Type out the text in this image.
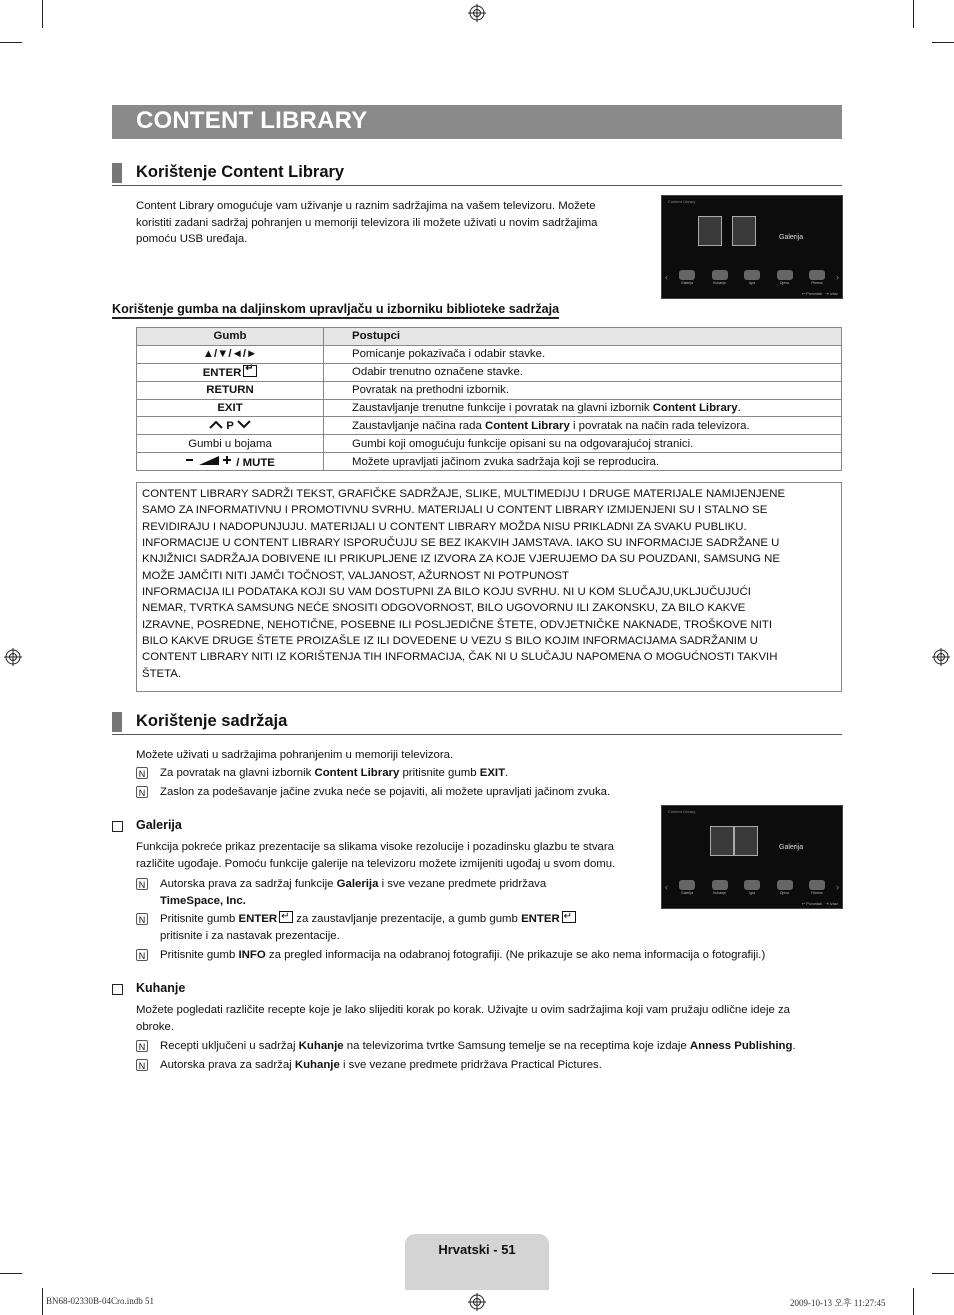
CONTENT LIBRARY
Korištenje Content Library
Content Library omogućuje vam uživanje u raznim sadržajima na vašem televizoru. Možete
koristiti zadani sadržaj pohranjen u memoriji televizora ili možete uživati u novim sadržajima
pomoću USB uređaja.
Content Library
Galerija
‹	›
Galerija	Kuhanje	Igra	Djeca	Fitness
↩ Povratak   ⇥ Izlaz
Korištenje gumba na daljinskom upravljaču u izborniku biblioteke sadržaja
Gumb	Postupci
▲/▼/◄/►	Pomicanje pokazivača i odabir stavke.
ENTER↵	Odabir trenutno označene stavke.
RETURN	Povratak na prethodni izbornik.
EXIT	Zaustavljanje trenutne funkcije i povratak na glavni izbornik Content Library.
P	Zaustavljanje načina rada Content Library i povratak na način rada televizora.
Gumbi u bojama	Gumbi koji omogućuju funkcije opisani su na odgovarajućoj stranici.
/ MUTE	Možete upravljati jačinom zvuka sadržaja koji se reproducira.
CONTENT LIBRARY SADRŽI TEKST, GRAFIČKE SADRŽAJE, SLIKE, MULTIMEDIJU I DRUGE MATERIJALE NAMIJENJENE
SAMO ZA INFORMATIVNU I PROMOTIVNU SVRHU. MATERIJALI U CONTENT LIBRARY IZMIJENJENI SU I STALNO SE
REVIDIRAJU I NADOPUNJUJU. MATERIJALI U CONTENT LIBRARY MOŽDA NISU PRIKLADNI ZA SVAKU PUBLIKU.
INFORMACIJE U CONTENT LIBRARY ISPORUČUJU SE BEZ IKAKVIH JAMSTAVA. IAKO SU INFORMACIJE SADRŽANE U
KNJIŽNICI SADRŽAJA DOBIVENE ILI PRIKUPLJENE IZ IZVORA ZA KOJE VJERUJEMO DA SU POUZDANI, SAMSUNG NE
MOŽE JAMČITI NITI JAMČI TOČNOST, VALJANOST, AŽURNOST NI POTPUNOST
INFORMACIJA ILI PODATAKA KOJI SU VAM DOSTUPNI ZA BILO KOJU SVRHU. NI U KOM SLUČAJU,UKLJUČUJUĆI
NEMAR, TVRTKA SAMSUNG NEĆE SNOSITI ODGOVORNOST, BILO UGOVORNU ILI ZAKONSKU, ZA BILO KAKVE
IZRAVNE, POSREDNE, NEHOTIČNE, POSEBNE ILI POSLJEDIČNE ŠTETE, ODVJETNIČKE NAKNADE, TROŠKOVE NITI
BILO KAKVE DRUGE ŠTETE PROIZAŠLE IZ ILI DOVEDENE U VEZU S BILO KOJIM INFORMACIJAMA SADRŽANIM U
CONTENT LIBRARY NITI IZ KORIŠTENJA TIH INFORMACIJA, ČAK NI U SLUČAJU NAPOMENA O MOGUĆNOSTI TAKVIH
ŠTETA.
Korištenje sadržaja
Možete uživati u sadržajima pohranjenim u memoriji televizora.
N Za povratak na glavni izbornik Content Library pritisnite gumb EXIT.
N Zaslon za podešavanje jačine zvuka neće se pojaviti, ali možete upravljati jačinom zvuka.
Galerija
Funkcija pokreće prikaz prezentacije sa slikama visoke rezolucije i pozadinsku glazbu te stvara
različite ugođaje. Pomoću funkcije galerije na televizoru možete izmijeniti ugođaj u svom domu.
Content Library
Galerija
‹	›
Galerija	Kuhanje	Igra	Djeca	Fitness
↩ Povratak   ⇥ Izlaz
N Autorska prava za sadržaj funkcije Galerija i sve vezane predmete pridržava
TimeSpace, Inc.
N Pritisnite gumb ENTER↵ za zaustavljanje prezentacije, a gumb gumb ENTER↵
pritisnite i za nastavak prezentacije.
N Pritisnite gumb INFO za pregled informacija na odabranoj fotografiji. (Ne prikazuje se ako nema informacija o fotografiji.)
Kuhanje
Možete pogledati različite recepte koje je lako slijediti korak po korak. Uživajte u ovim sadržajima koji vam pružaju odlične ideje za
obroke.
N Recepti uključeni u sadržaj Kuhanje na televizorima tvrtke Samsung temelje se na receptima koje izdaje Anness Publishing.
N Autorska prava za sadržaj Kuhanje i sve vezane predmete pridržava Practical Pictures.
Hrvatski - 51
BN68-02330B-04Cro.indb 51	2009-10-13 오후 11:27:45
